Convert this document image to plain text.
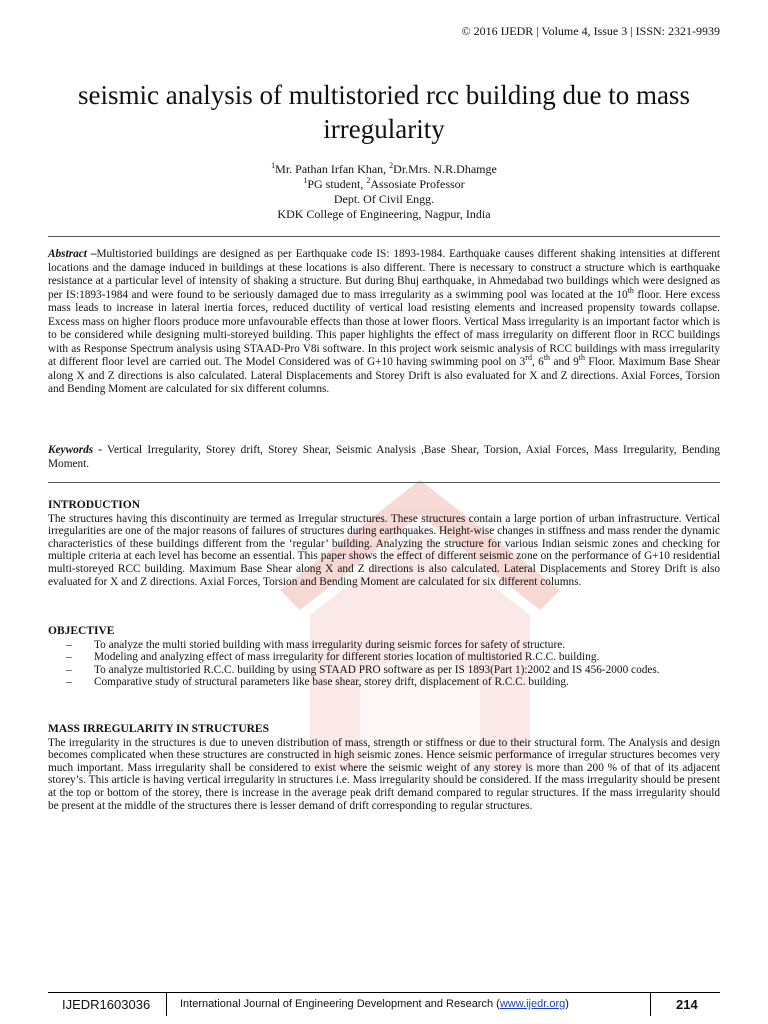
© 2016 IJEDR | Volume 4, Issue 3 | ISSN: 2321-9939
seismic analysis of multistoried rcc building due to mass irregularity
$^1$Mr. Pathan Irfan Khan, $^2$Dr.Mrs. N.R.Dhamge
$^1$PG student, $^2$Assosiate Professor
Dept. Of Civil Engg.
KDK College of Engineering, Nagpur, India
Abstract –Multistoried buildings are designed as per Earthquake code IS: 1893-1984. Earthquake causes different shaking intensities at different locations and the damage induced in buildings at these locations is also different. There is necessary to construct a structure which is earthquake resistance at a particular level of intensity of shaking a structure. But during Bhuj earthquake, in Ahmedabad two buildings which were designed as per IS:1893-1984 and were found to be seriously damaged due to mass irregularity as a swimming pool was located at the 10th floor. Here excess mass leads to increase in lateral inertia forces, reduced ductility of vertical load resisting elements and increased propensity towards collapse. Excess mass on higher floors produce more unfavourable effects than those at lower floors. Vertical Mass irregularity is an important factor which is to be considered while designing multi-storeyed building. This paper highlights the effect of mass irregularity on different floor in RCC buildings with as Response Spectrum analysis using STAAD-Pro V8i software. In this project work seismic analysis of RCC buildings with mass irregularity at different floor level are carried out. The Model Considered was of G+10 having swimming pool on 3rd, 6th and 9th Floor. Maximum Base Shear along X and Z directions is also calculated. Lateral Displacements and Storey Drift is also evaluated for X and Z directions. Axial Forces, Torsion and Bending Moment are calculated for six different columns.
Keywords - Vertical Irregularity, Storey drift, Storey Shear, Seismic Analysis ,Base Shear, Torsion, Axial Forces, Mass Irregularity, Bending Moment.
INTRODUCTION

The structures having this discontinuity are termed as Irregular structures. These structures contain a large portion of urban infrastructure. Vertical irregularities are one of the major reasons of failures of structures during earthquakes. Height-wise changes in stiffness and mass render the dynamic characteristics of these buildings different from the ‘regular’ building. Analyzing the structure for various Indian seismic zones and checking for multiple criteria at each level has become an essential. This paper shows the effect of different seismic zone on the performance of G+10 residential multi-storeyed RCC building. Maximum Base Shear along X and Z directions is also calculated. Lateral Displacements and Storey Drift is also evaluated for X and Z directions. Axial Forces, Torsion and Bending Moment are calculated for six different columns.

OBJECTIVE
– To analyze the multi storied building with mass irregularity during seismic forces for safety of structure.
– Modeling and analyzing effect of mass irregularity for different stories location of multistoried R.C.C. building.
– To analyze multistoried R.C.C. building by using STAAD PRO software as per IS 1893(Part 1):2002 and IS 456-2000 codes.
– Comparative study of structural parameters like base shear, storey drift, displacement of R.C.C. building.
MASS IRREGULARITY IN STRUCTURES

The irregularity in the structures is due to uneven distribution of mass, strength or stiffness or due to their structural form. The Analysis and design becomes complicated when these structures are constructed in high seismic zones. Hence seismic performance of irregular structures becomes very much important. Mass irregularity shall be considered to exist where the seismic weight of any storey is more than 200 % of that of its adjacent storey’s. This article is having vertical irregularity in structures i.e. Mass irregularity should be considered. If the mass irregularity should be present at the top or bottom of the storey, there is increase in the average peak drift demand compared to regular structures. If the mass irregularity should be present at the middle of the structures there is lesser demand of drift corresponding to regular structures.

IJEDR1603036	International Journal of Engineering Development and Research (www.ijedr.org)	214
